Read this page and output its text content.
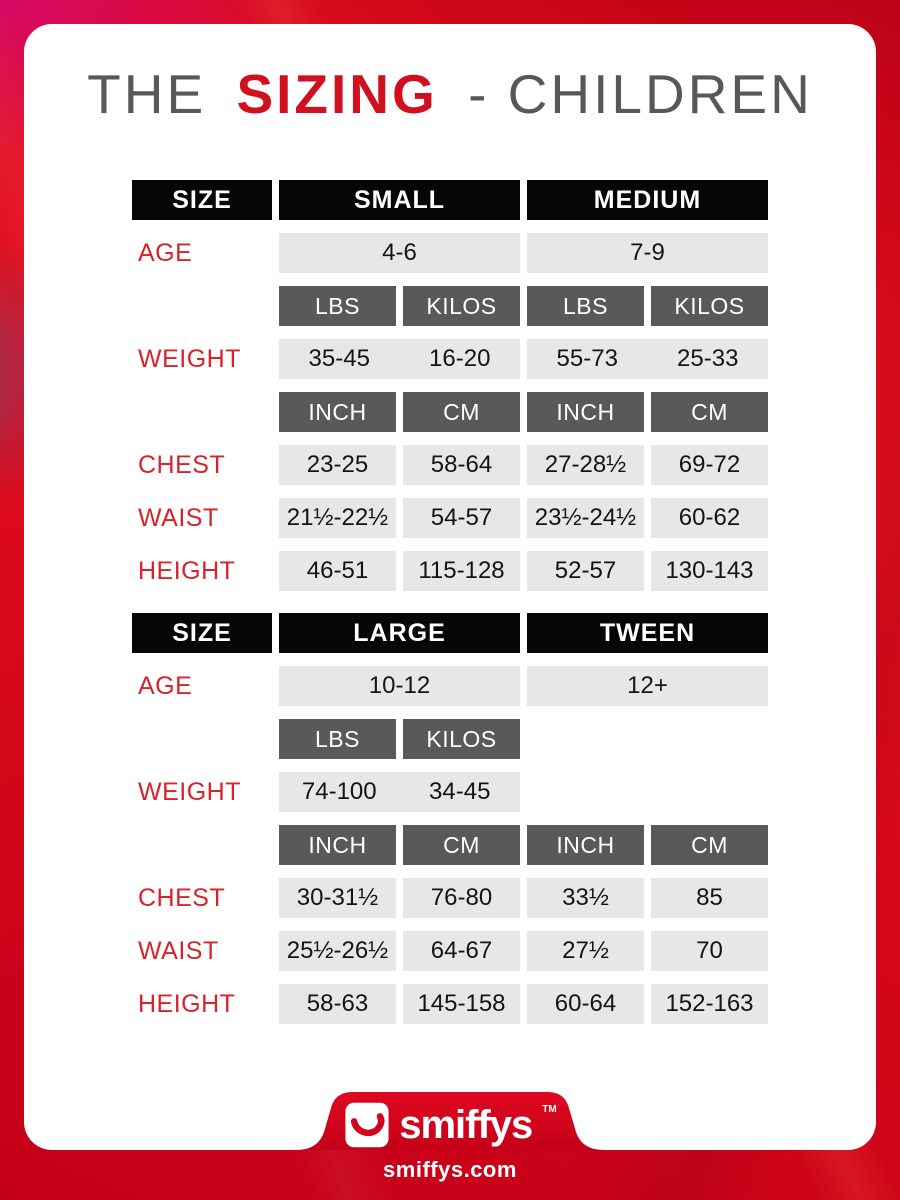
THE SIZING - CHILDREN
SIZE	SMALL	MEDIUM
AGE	4-6	7-9
LBS	KILOS	LBS	KILOS
WEIGHT	35-45	16-20	55-73	25-33
INCH	CM	INCH	CM
CHEST	23-25	58-64	27-28½	69-72
WAIST	21½-22½	54-57	23½-24½	60-62
HEIGHT	46-51	115-128	52-57	130-143
SIZE	LARGE	TWEEN
AGE	10-12	12+
LBS	KILOS
WEIGHT	74-100	34-45
INCH	CM	INCH	CM
CHEST	30-31½	76-80	33½	85
WAIST	25½-26½	64-67	27½	70
HEIGHT	58-63	145-158	60-64	152-163
smiffys TM
smiffys.com
